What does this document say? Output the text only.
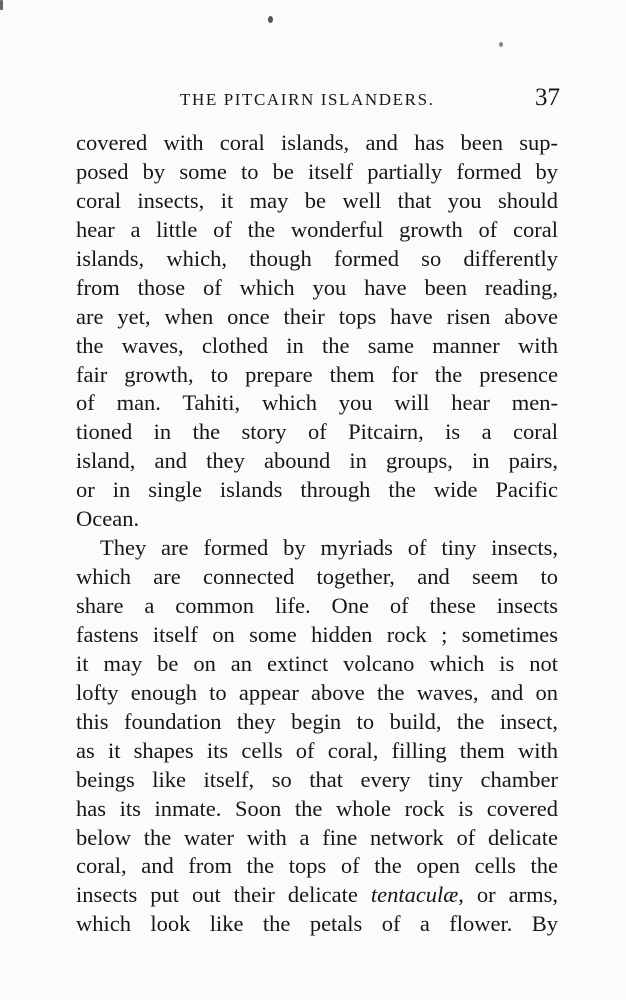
THE PITCAIRN ISLANDERS.	37
covered with coral islands, and has been sup-
posed by some to be itself partially formed by
coral insects, it may be well that you should
hear a little of the wonderful growth of coral
islands, which, though formed so differently
from those of which you have been reading,
are yet, when once their tops have risen above
the waves, clothed in the same manner with
fair growth, to prepare them for the presence
of man. Tahiti, which you will hear men-
tioned in the story of Pitcairn, is a coral
island, and they abound in groups, in pairs,
or in single islands through the wide Pacific
Ocean.
They are formed by myriads of tiny insects,
which are connected together, and seem to
share a common life. One of these insects
fastens itself on some hidden rock ; sometimes
it may be on an extinct volcano which is not
lofty enough to appear above the waves, and on
this foundation they begin to build, the insect,
as it shapes its cells of coral, filling them with
beings like itself, so that every tiny chamber
has its inmate. Soon the whole rock is covered
below the water with a fine network of delicate
coral, and from the tops of the open cells the
insects put out their delicate tentaculæ, or arms,
which look like the petals of a flower. By
